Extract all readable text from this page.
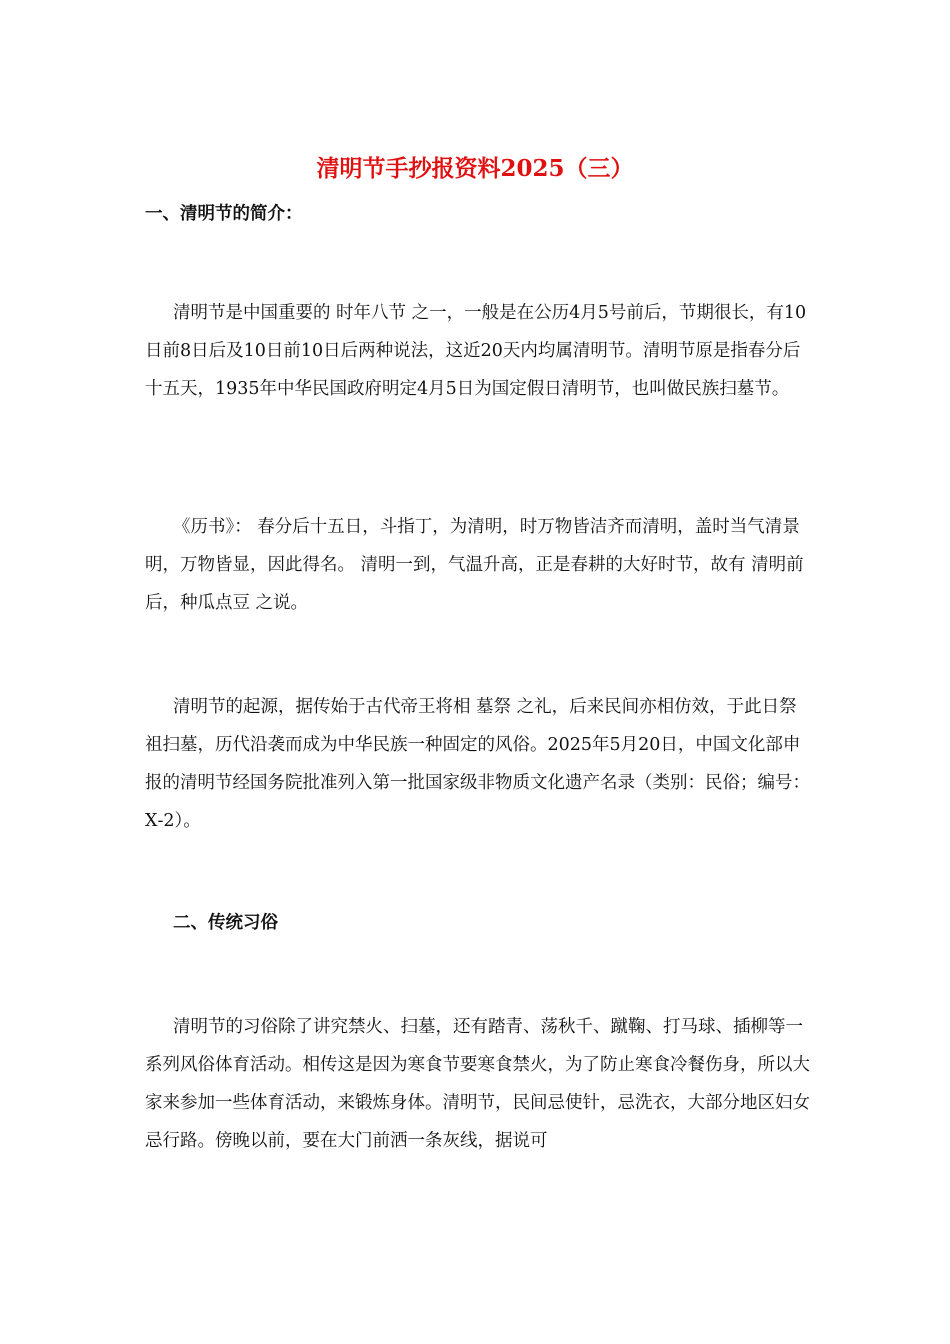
清明节手抄报资料2025（三）
一、清明节的简介：

清明节是中国重要的 时年八节 之一，一般是在公历4月5号前后，节期很长，有10日前8日后及10日前10日后两种说法，这近20天内均属清明节。清明节原是指春分后十五天，1935年中华民国政府明定4月5日为国定假日清明节，也叫做民族扫墓节。

《历书》： 春分后十五日，斗指丁，为清明，时万物皆洁齐而清明，盖时当气清景明，万物皆显，因此得名。 清明一到，气温升高，正是春耕的大好时节，故有 清明前后，种瓜点豆 之说。

清明节的起源，据传始于古代帝王将相 墓祭 之礼，后来民间亦相仿效，于此日祭祖扫墓，历代沿袭而成为中华民族一种固定的风俗。2025年5月20日，中国文化部申报的清明节经国务院批准列入第一批国家级非物质文化遗产名录（类别：民俗；编号：Ⅹ-2）。

二、传统习俗

清明节的习俗除了讲究禁火、扫墓，还有踏青、荡秋千、蹴鞠、打马球、插柳等一系列风俗体育活动。相传这是因为寒食节要寒食禁火，为了防止寒食冷餐伤身，所以大家来参加一些体育活动，来锻炼身体。清明节，民间忌使针，忌洗衣，大部分地区妇女忌行路。傍晚以前，要在大门前洒一条灰线，据说可
